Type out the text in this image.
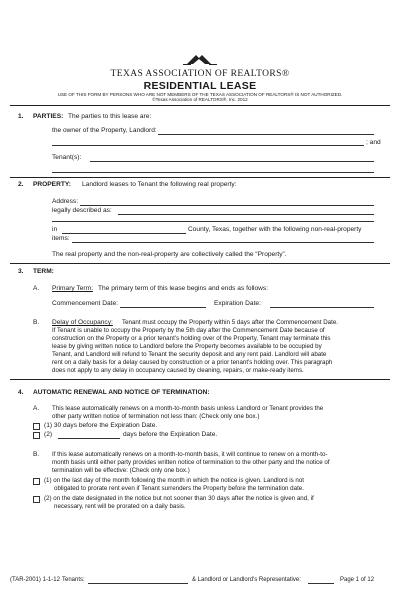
TEXAS ASSOCIATION OF REALTORS®
RESIDENTIAL LEASE
USE OF THIS FORM BY PERSONS WHO ARE NOT MEMBERS OF THE TEXAS ASSOCIATION OF REALTORS® IS NOT AUTHORIZED.
©Texas Association of REALTORS®, Inc. 2012
1. PARTIES: The parties to this lease are:
the owner of the Property, Landlord:
; and
Tenant(s):
2. PROPERTY: Landlord leases to Tenant the following real property:
Address:
legally described as:
in	County, Texas, together with the following non-real-property
items:
The real property and the non-real-property are collectively called the “Property”.
3. TERM:
A. Primary Term: The primary term of this lease begins and ends as follows:
Commencement Date:	Expiration Date:
B. Delay of Occupancy: Tenant must occupy the Property within 5 days after the Commencement Date.
If Tenant is unable to occupy the Property by the 5th day after the Commencement Date because of
construction on the Property or a prior tenant's holding over of the Property, Tenant may terminate this
lease by giving written notice to Landlord before the Property becomes available to be occupied by
Tenant, and Landlord will refund to Tenant the security deposit and any rent paid. Landlord will abate
rent on a daily basis for a delay caused by construction or a prior tenant's holding over. This paragraph
does not apply to any delay in occupancy caused by cleaning, repairs, or make-ready items.
4. AUTOMATIC RENEWAL AND NOTICE OF TERMINATION:
A. This lease automatically renews on a month-to-month basis unless Landlord or Tenant provides the
other party written notice of termination not less than: (Check only one box.)
(1) 30 days before the Expiration Date.
(2)	days before the Expiration Date.
B. If this lease automatically renews on a month-to-month basis, it will continue to renew on a month-to-
month basis until either party provides written notice of termination to the other party and the notice of
termination will be effective: (Check only one box.)
(1) on the last day of the month following the month in which the notice is given. Landlord is not
obligated to prorate rent even if Tenant surrenders the Property before the termination date.
(2) on the date designated in the notice but not sooner than 30 days after the notice is given and, if
necessary, rent will be prorated on a daily basis.
(TAR-2001) 1-1-12 Tenants:	& Landlord or Landlord's Representative:	Page 1 of 12
